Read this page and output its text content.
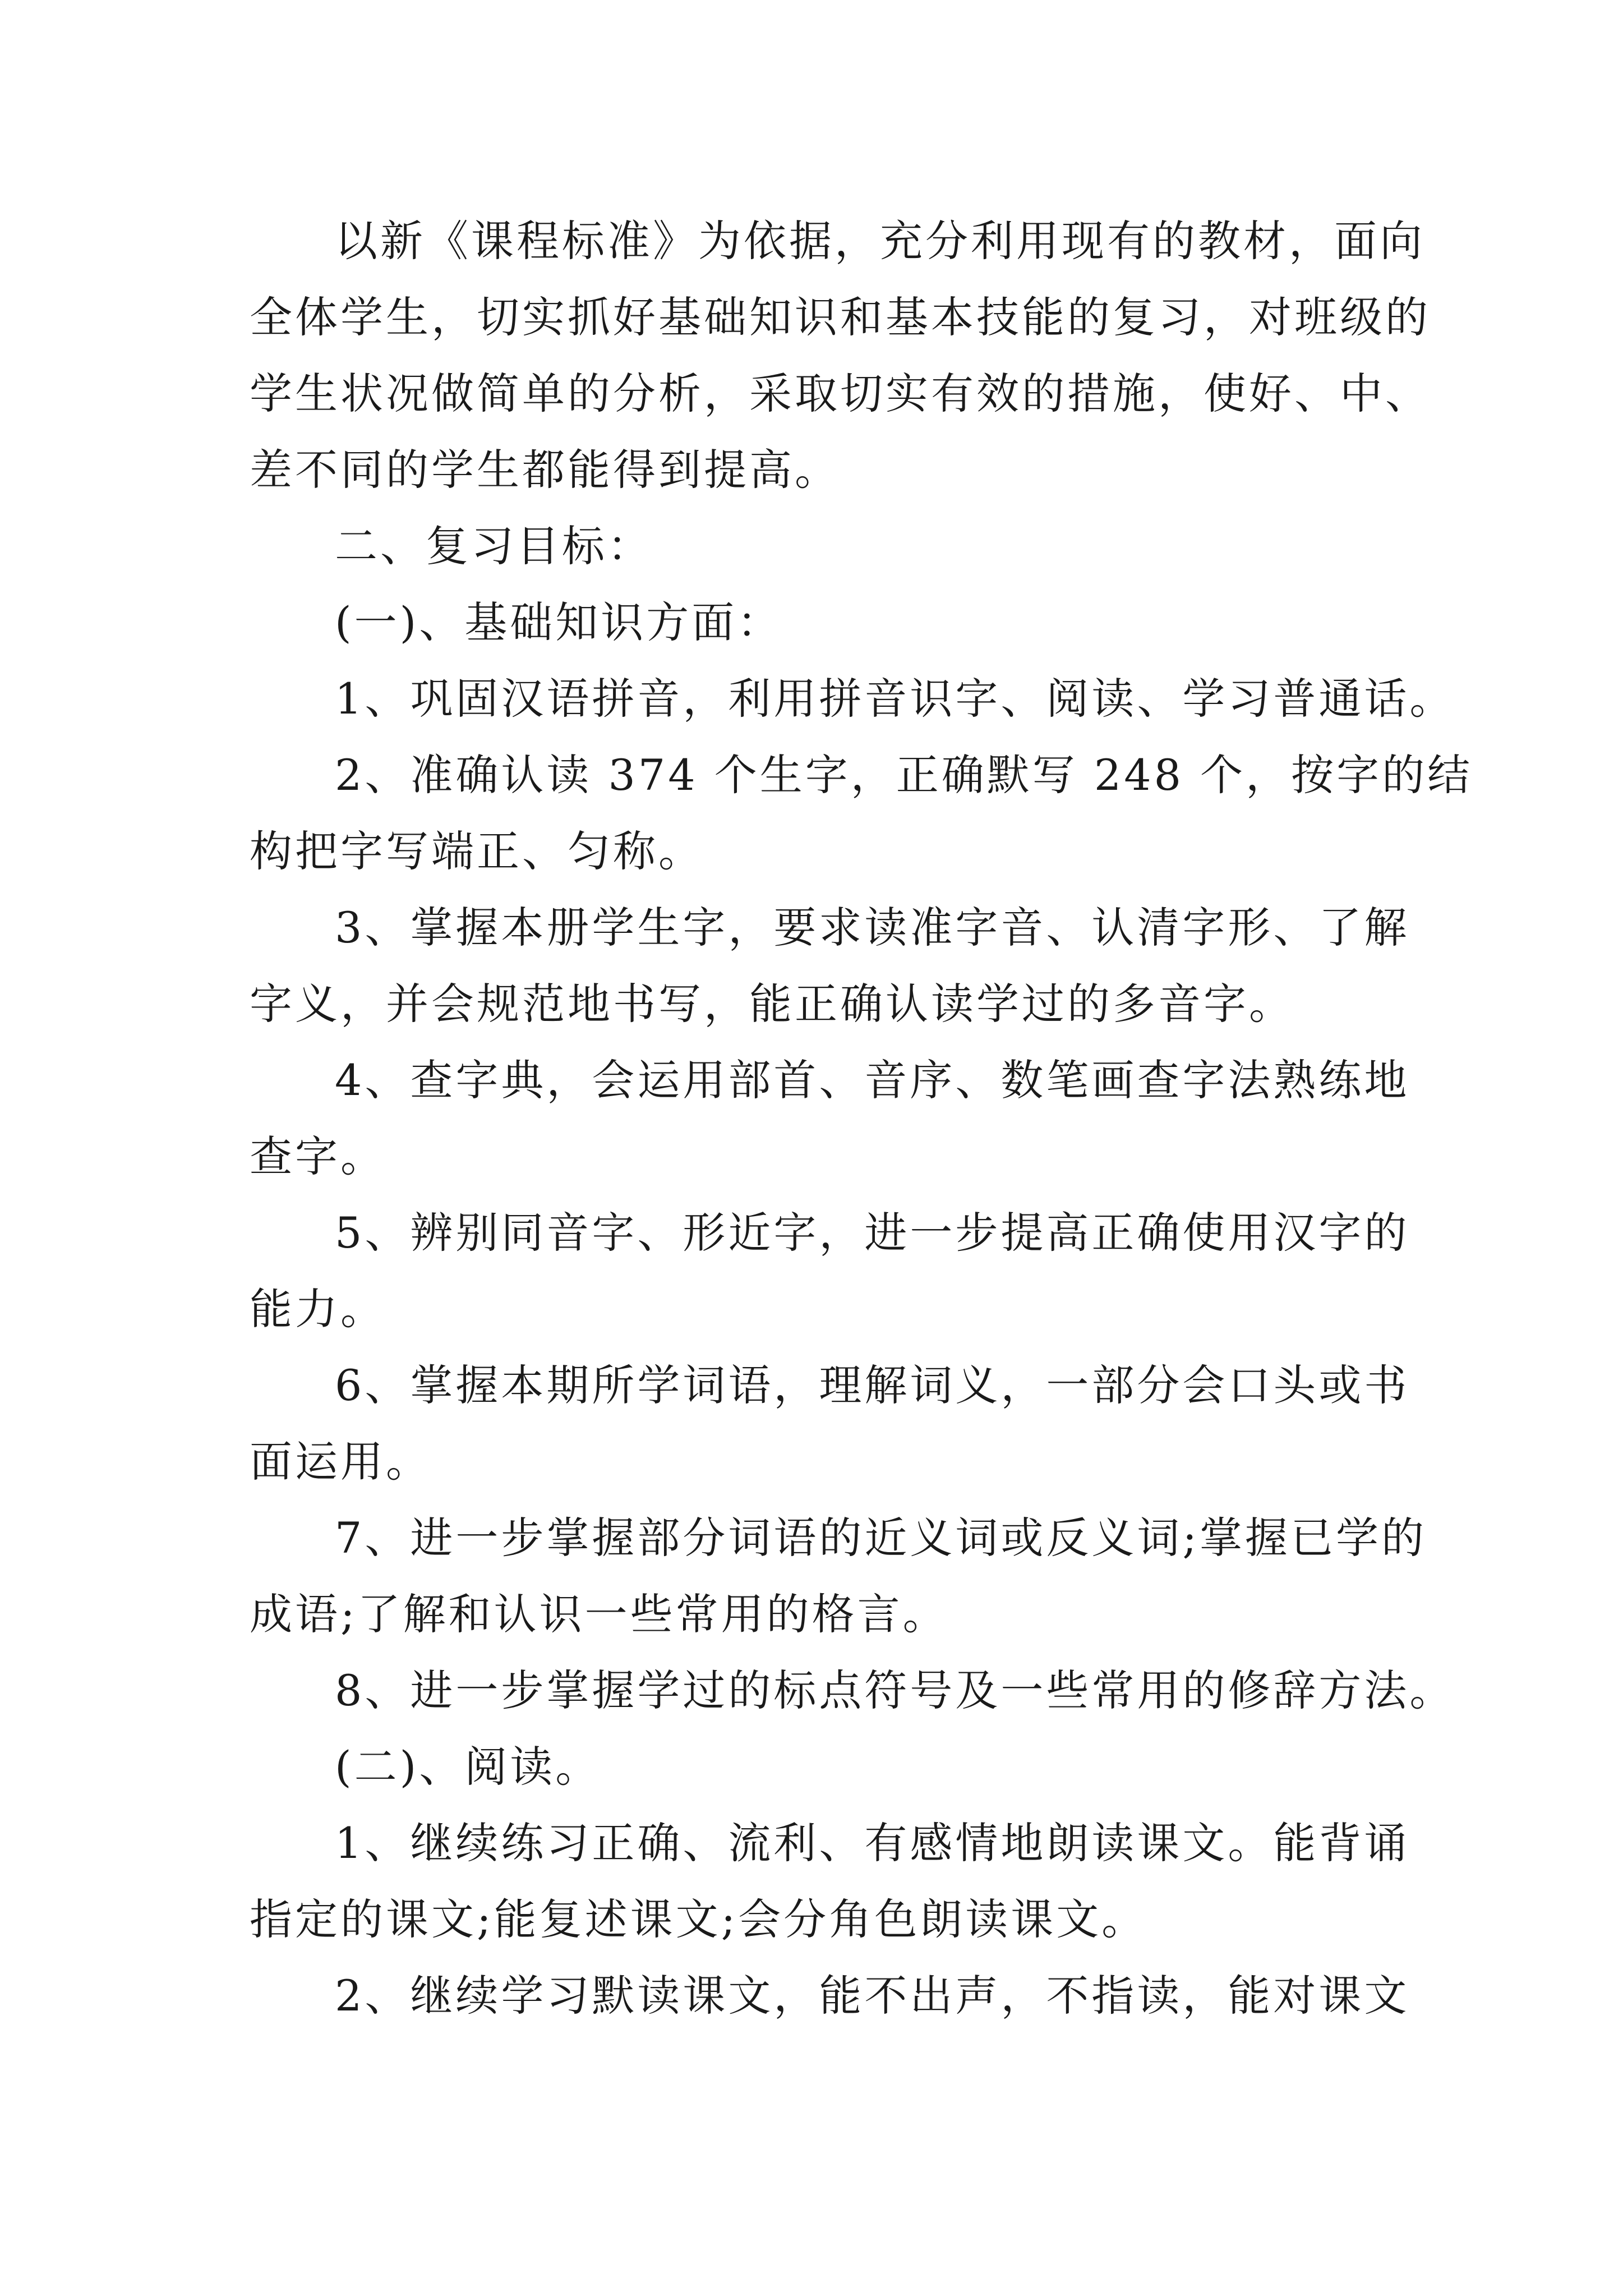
以新《课程标准》为依据，充分利用现有的教材，面向
全体学生，切实抓好基础知识和基本技能的复习，对班级的
学生状况做简单的分析，采取切实有效的措施，使好、中、
差不同的学生都能得到提高。
二、复习目标：
(一)、基础知识方面：
1、巩固汉语拼音，利用拼音识字、阅读、学习普通话。
2、准确认读 374 个生字，正确默写 248 个，按字的结
构把字写端正、匀称。
3、掌握本册学生字，要求读准字音、认清字形、了解
字义，并会规范地书写，能正确认读学过的多音字。
4、查字典，会运用部首、音序、数笔画查字法熟练地
查字。
5、辨别同音字、形近字，进一步提高正确使用汉字的
能力。
6、掌握本期所学词语，理解词义，一部分会口头或书
面运用。
7、进一步掌握部分词语的近义词或反义词;掌握已学的
成语;了解和认识一些常用的格言。
8、进一步掌握学过的标点符号及一些常用的修辞方法。
(二)、阅读。
1、继续练习正确、流利、有感情地朗读课文。能背诵
指定的课文;能复述课文;会分角色朗读课文。
2、继续学习默读课文，能不出声，不指读，能对课文
